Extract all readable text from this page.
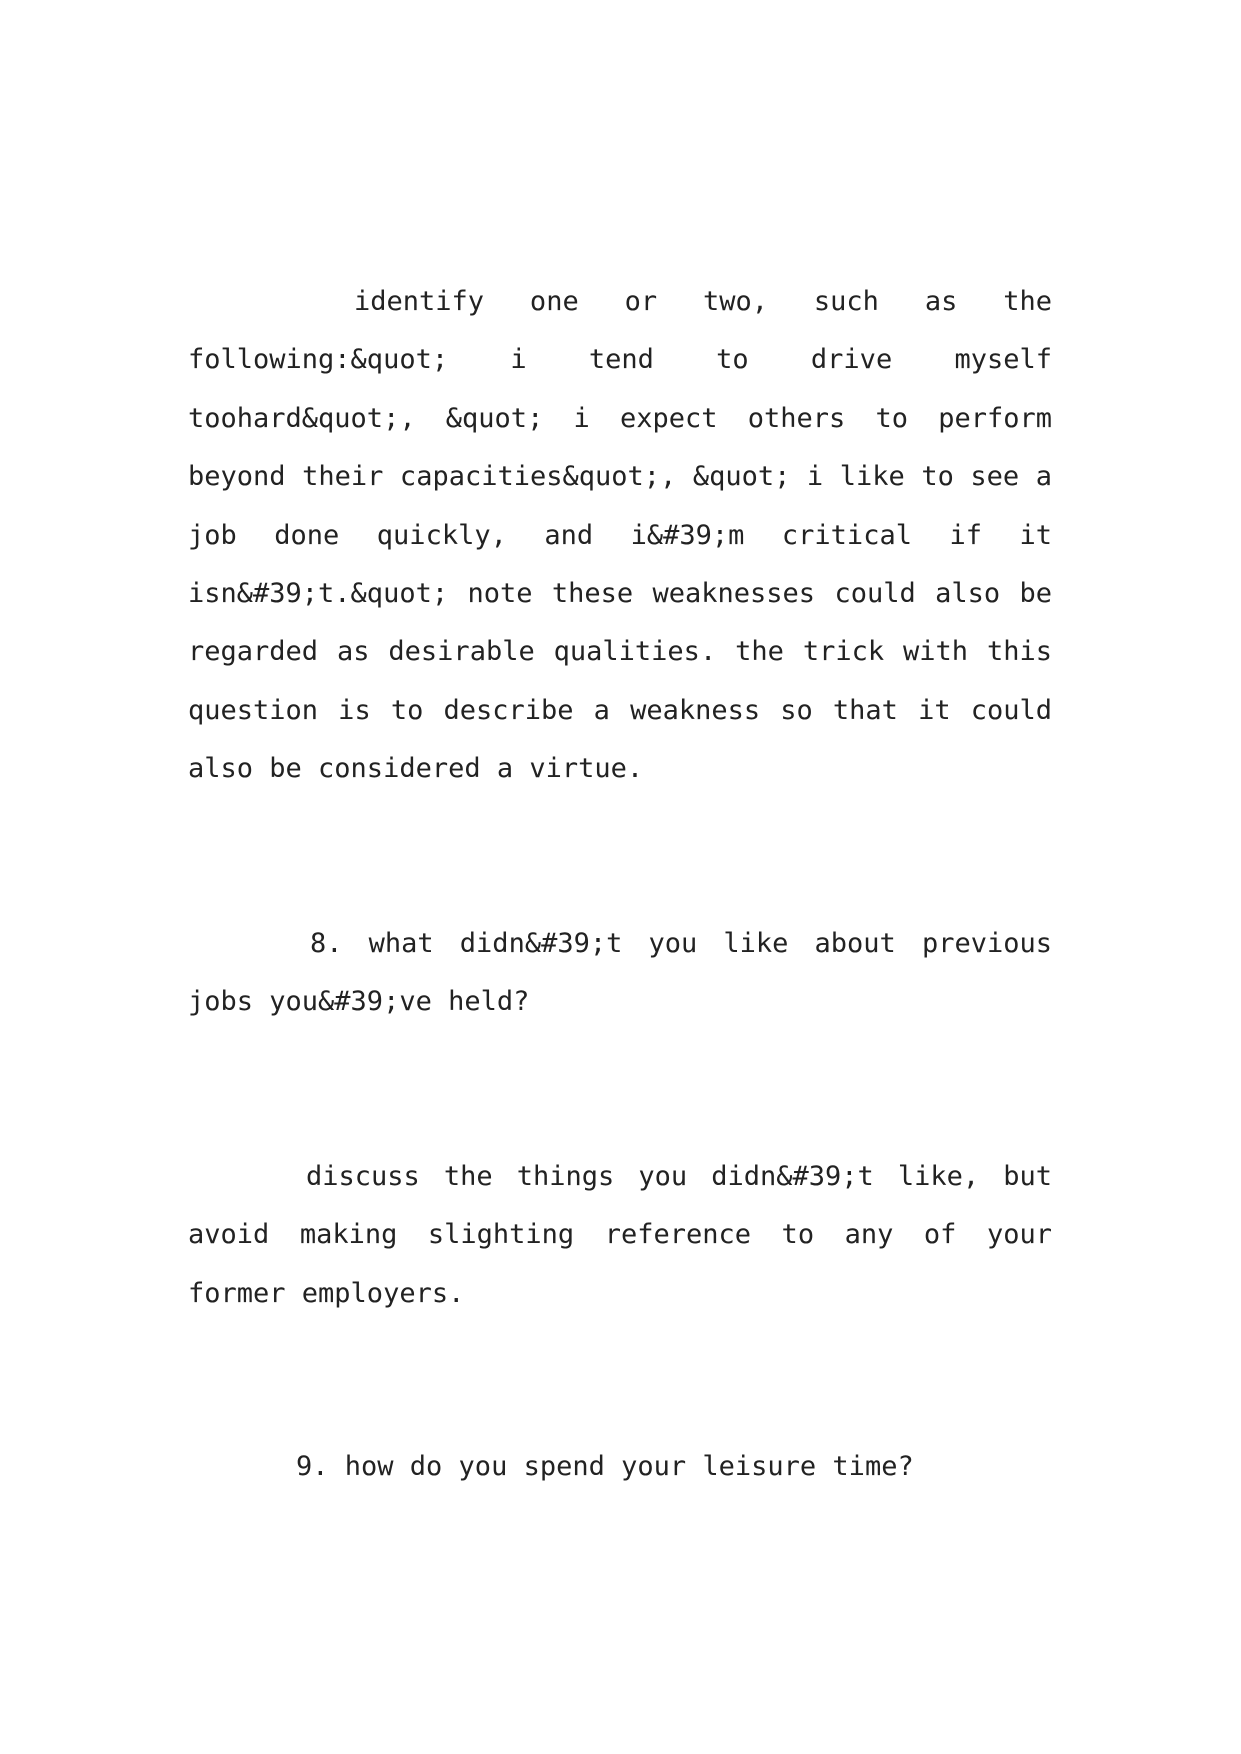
identify one or two, such as the following:&quot; i tend to drive myself toohard&quot;, &quot; i expect others to perform beyond their capacities&quot;, &quot; i like to see a job done quickly, and i&#39;m critical if it isn&#39;t.&quot; note these weaknesses could also be regarded as desirable qualities. the trick with this question is to describe a weakness so that it could also be considered a virtue.

8. what didn&#39;t you like about previous jobs you&#39;ve held?

discuss the things you didn&#39;t like, but avoid making slighting reference to any of your former employers.

9. how do you spend your leisure time?
